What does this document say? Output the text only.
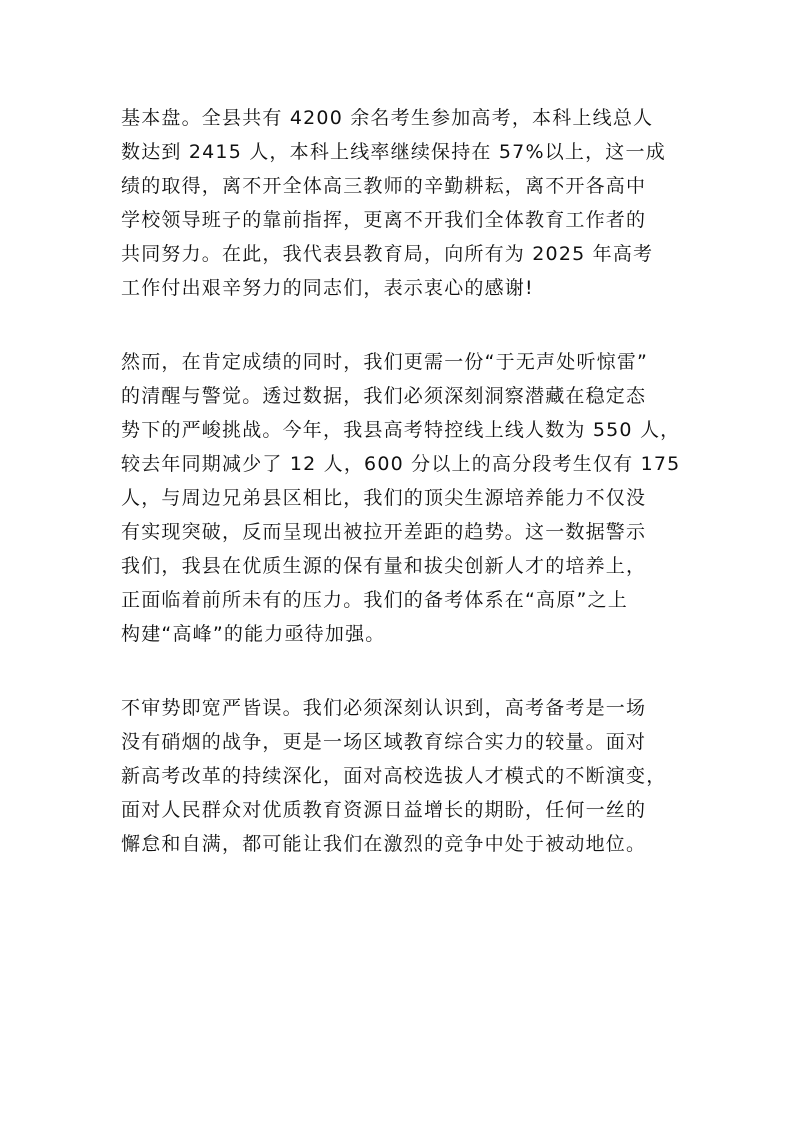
基本盘。全县共有 4200 余名考生参加高考，本科上线总人
数达到 2415 人，本科上线率继续保持在 57%以上，这一成
绩的取得，离不开全体高三教师的辛勤耕耘，离不开各高中
学校领导班子的靠前指挥，更离不开我们全体教育工作者的
共同努力。在此，我代表县教育局，向所有为 2025 年高考
工作付出艰辛努力的同志们，表示衷心的感谢!
然而，在肯定成绩的同时，我们更需一份“于无声处听惊雷”
的清醒与警觉。透过数据，我们必须深刻洞察潜藏在稳定态
势下的严峻挑战。今年，我县高考特控线上线人数为 550 人，
较去年同期减少了 12 人，600 分以上的高分段考生仅有 175
人，与周边兄弟县区相比，我们的顶尖生源培养能力不仅没
有实现突破，反而呈现出被拉开差距的趋势。这一数据警示
我们，我县在优质生源的保有量和拔尖创新人才的培养上，
正面临着前所未有的压力。我们的备考体系在“高原”之上
构建“高峰”的能力亟待加强。
不审势即宽严皆误。我们必须深刻认识到，高考备考是一场
没有硝烟的战争，更是一场区域教育综合实力的较量。面对
新高考改革的持续深化，面对高校选拔人才模式的不断演变，
面对人民群众对优质教育资源日益增长的期盼，任何一丝的
懈怠和自满，都可能让我们在激烈的竞争中处于被动地位。
